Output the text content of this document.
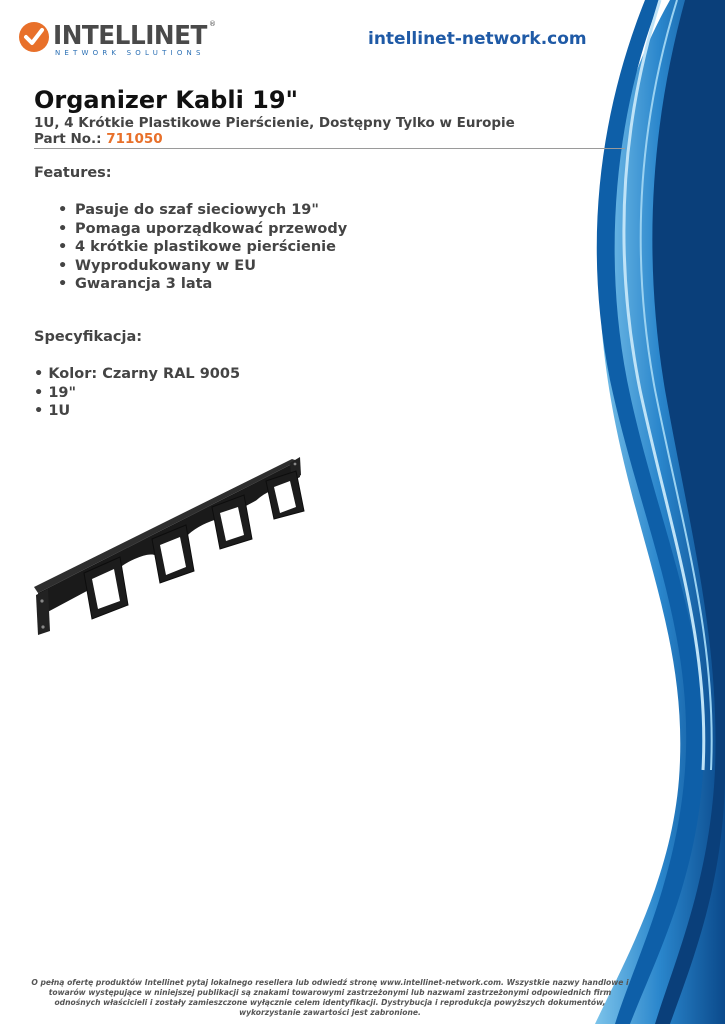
INTELLINET ®
NETWORK SOLUTIONS
intellinet-network.com
Organizer Kabli 19"
1U, 4 Krótkie Plastikowe Pierścienie, Dostępny Tylko w Europie
Part No.: 711050
Features:
• Pasuje do szaf sieciowych 19"
• Pomaga uporządkować przewody
• 4 krótkie plastikowe pierścienie
• Wyprodukowany w EU
• Gwarancja 3 lata
Specyfikacja:
• Kolor: Czarny RAL 9005
• 19"
• 1U
O pełną ofertę produktów Intellinet pytaj lokalnego resellera lub odwiedź stronę www.intellinet-network.com. Wszystkie nazwy handlowe i towarów występujące w niniejszej publikacji są znakami towarowymi zastrzeżonymi lub nazwami zastrzeżonymi odpowiednich firm odnośnych właścicieli i zostały zamieszczone wyłącznie celem identyfikacji. Dystrybucja i reprodukcja powyższych dokumentów, wykorzystanie zawartości jest zabronione.
